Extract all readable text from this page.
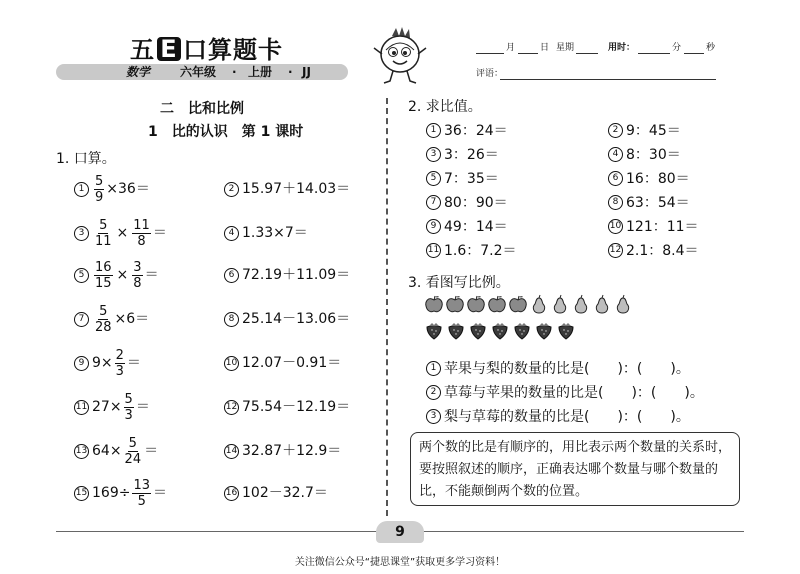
五 E 口算题卡
数学 六年级 · 上册 · JJ
月	日 星期	用时：	分	秒
评语：
二　比和比例
1　比的认识　第 1 课时
1. 口算。
$1 \frac{5}{9} \times 36=$	2 15.97＋14.03＝
$3 \frac{5}{11} \times \frac{11}{8}$ ＝	4 1.33×7＝
$5 \frac{16}{15} \times \frac{3}{8}$ ＝	6 72.19＋11.09＝
$7 \frac{5}{28} \times 6=$	8 25.14－13.06＝
9 $9\times \frac{2}{3}$ ＝	10 12.07－0.91＝
11 $27\times \frac{5}{3}$ ＝	12 75.54－12.19＝
13 $64\times \frac{5}{24}$ ＝	14 32.87＋12.9＝
15 $169\div \frac{13}{5}$ ＝	16 102－32.7＝
2. 求比值。
1 36：24＝	2 9：45＝
3 3：26＝	4 8：30＝
5 7：35＝	6 16：80＝
7 80：90＝	8 63：54＝
9 49：14＝	10 121：11＝
11 1.6：7.2＝	12 2.1：8.4＝
3. 看图写比例。
1 苹果与梨的数量的比是(　　)：(　　)。
2 草莓与苹果的数量的比是(　　)：(　　)。
3 梨与草莓的数量的比是(　　)：(　　)。
两个数的比是有顺序的，用比表示两个数量的关系时，要按照叙述的顺序，正确表达哪个数量与哪个数量的比，不能颠倒两个数的位置。
9
关注微信公众号“捷思课堂”获取更多学习资料！
